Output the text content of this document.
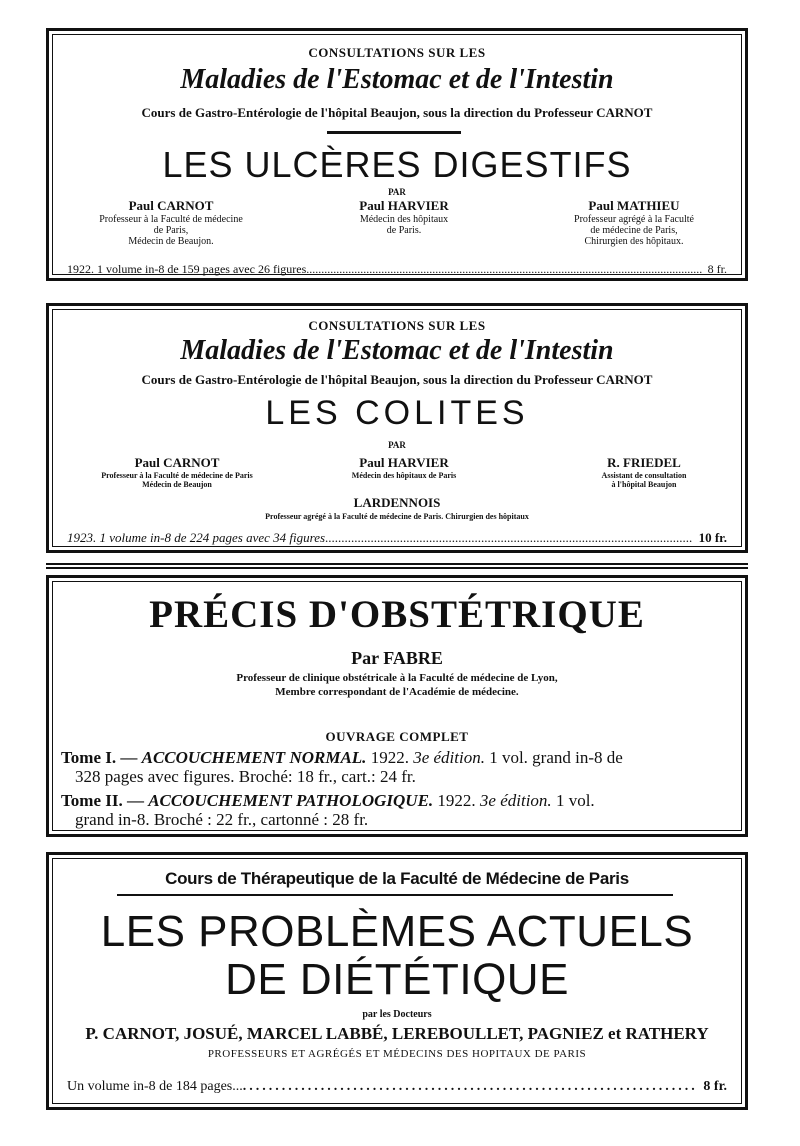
CONSULTATIONS SUR LES
Maladies de l'Estomac et de l'Intestin
Cours de Gastro-Entérologie de l'hôpital Beaujon, sous la direction du Professeur CARNOT
LES ULCÈRES DIGESTIFS
PAR
Paul CARNOT
Professeur à la Faculté de médecine
de Paris,
Médecin de Beaujon.
Paul HARVIER
Médecin des hôpitaux
de Paris.
Paul MATHIEU
Professeur agrégé à la Faculté
de médecine de Paris,
Chirurgien des hôpitaux.
1922. 1 volume in-8 de 159 pages avec 26 figures .....	8 fr.
CONSULTATIONS SUR LES
Maladies de l'Estomac et de l'Intestin
Cours de Gastro-Entérologie de l'hôpital Beaujon, sous la direction du Professeur CARNOT
LES COLITES
PAR
Paul CARNOT
Professeur à la Faculté de médecine de Paris
Médecin de Beaujon
Paul HARVIER
Médecin des hôpitaux de Paris
R. FRIEDEL
Assistant de consultation
à l'hôpital Beaujon
LARDENNOIS
Professeur agrégé à la Faculté de médecine de Paris. Chirurgien des hôpitaux
1923. 1 volume in-8 de 224 pages avec 34 figures .....	10 fr.
PRÉCIS D'OBSTÉTRIQUE
Par FABRE
Professeur de clinique obstétricale à la Faculté de médecine de Lyon,
Membre correspondant de l'Académie de médecine.
OUVRAGE COMPLET
Tome I. — ACCOUCHEMENT NORMAL. 1922. 3e édition. 1 vol. grand in-8 de
328 pages avec figures. Broché: 18 fr., cart.: 24 fr.
Tome II. — ACCOUCHEMENT PATHOLOGIQUE. 1922. 3e édition. 1 vol.
grand in-8. Broché : 22 fr., cartonné : 28 fr.
Cours de Thérapeutique de la Faculté de Médecine de Paris
LES PROBLÈMES ACTUELS
DE DIÉTÉTIQUE
par les Docteurs
P. CARNOT, JOSUÉ, MARCEL LABBÉ, LEREBOULLET, PAGNIEZ et RATHERY
PROFESSEURS ET AGRÉGÉS ET MÉDECINS DES HOPITAUX DE PARIS
Un volume in-8 de 184 pages... .....	8 fr.
